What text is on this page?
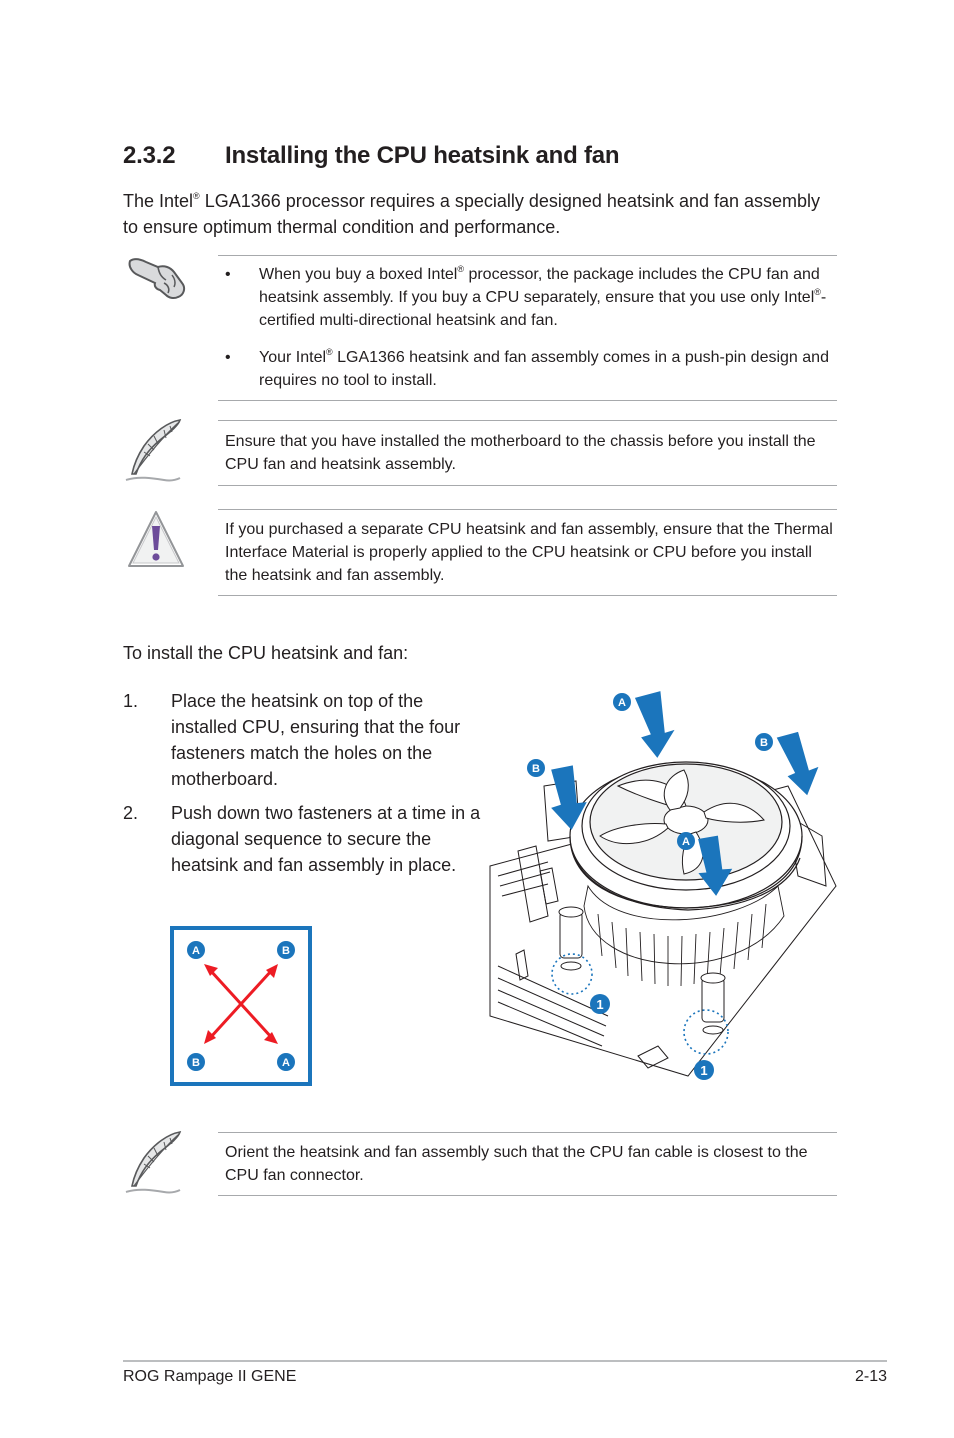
2.3.2 Installing the CPU heatsink and fan
The Intel® LGA1366 processor requires a specially designed heatsink and fan assembly to ensure optimum thermal condition and performance.
•	When you buy a boxed Intel® processor, the package includes the CPU fan and heatsink assembly. If you buy a CPU separately, ensure that you use only Intel®-certified multi-directional heatsink and fan.
•	Your Intel® LGA1366 heatsink and fan assembly comes in a push-pin design and requires no tool to install.
Ensure that you have installed the motherboard to the chassis before you install the CPU fan and heatsink assembly.
If you purchased a separate CPU heatsink and fan assembly, ensure that the Thermal Interface Material is properly applied to the CPU heatsink or CPU before you install the heatsink and fan assembly.
To install the CPU heatsink and fan:
1. Place the heatsink on top of the installed CPU, ensuring that the four fasteners match the holes on the motherboard.
2. Push down two fasteners at a time in a diagonal sequence to secure the heatsink and fan assembly in place.
A	B
B	A
A
B
B
A
1
1
Orient the heatsink and fan assembly such that the CPU fan cable is closest to the CPU fan connector.
ROG Rampage II GENE	2-13
